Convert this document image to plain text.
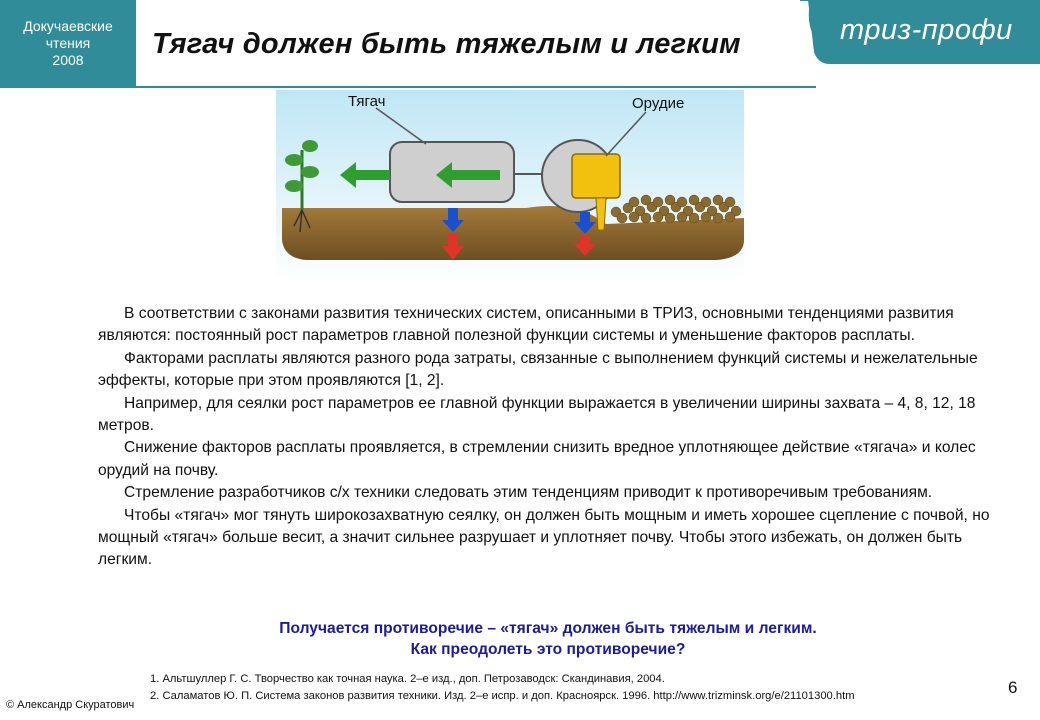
Докучаевские
чтения
2008	Тягач должен быть тяжелым и легким	триз-профи
Тягач	Орудие

В соответствии с законами развития технических систем, описанными в ТРИЗ, основными тенденциями развития являются: постоянный рост параметров главной полезной функции системы и уменьшение факторов расплаты.

Факторами расплаты являются разного рода затраты, связанные с выполнением функций системы и нежелательные эффекты, которые при этом проявляются [1, 2].

Например, для сеялки рост параметров ее главной функции выражается в увеличении ширины захвата – 4, 8, 12, 18 метров.

Снижение факторов расплаты проявляется, в стремлении снизить вредное уплотняющее действие «тягача» и колес орудий на почву.

Стремление разработчиков с/х техники следовать этим тенденциям приводит к противоречивым требованиям.

Чтобы «тягач» мог тянуть широкозахватную сеялку, он должен быть мощным и иметь хорошее сцепление с почвой, но мощный «тягач» больше весит, а значит сильнее разрушает и уплотняет почву. Чтобы этого избежать, он должен быть легким.

Получается противоречие – «тягач» должен быть тяжелым и легким.
Как преодолеть это противоречие?
1. Альтшуллер Г. С. Творчество как точная наука. 2–е изд., доп. Петрозаводск: Скандинавия, 2004.
2. Саламатов Ю. П. Система законов развития техники. Изд. 2–е испр. и доп. Красноярск. 1996. http://www.trizminsk.org/e/21101300.htm	6
© Александр Скуратович
